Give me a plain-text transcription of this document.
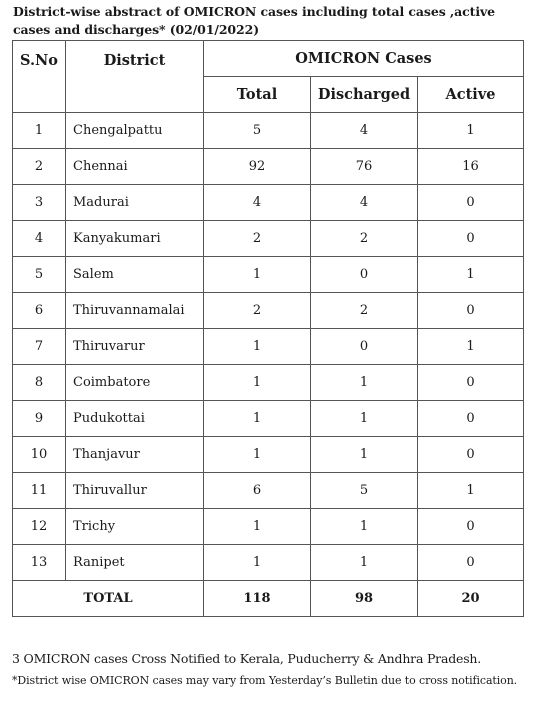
District-wise abstract of OMICRON cases including total cases ,active cases and discharges* (02/01/2022)
S.No	District	OMICRON Cases		
		Total	Discharged	Active
1	Chengalpattu	5	4	1
2	Chennai	92	76	16
3	Madurai	4	4	0
4	Kanyakumari	2	2	0
5	Salem	1	0	1
6	Thiruvannamalai	2	2	0
7	Thiruvarur	1	0	1
8	Coimbatore	1	1	0
9	Pudukottai	1	1	0
10	Thanjavur	1	1	0
11	Thiruvallur	6	5	1
12	Trichy	1	1	0
13	Ranipet	1	1	0
TOTAL		118	98	20
3 OMICRON cases Cross Notified to Kerala, Puducherry & Andhra Pradesh.
*District wise OMICRON cases may vary from Yesterday’s Bulletin due to cross notification.
